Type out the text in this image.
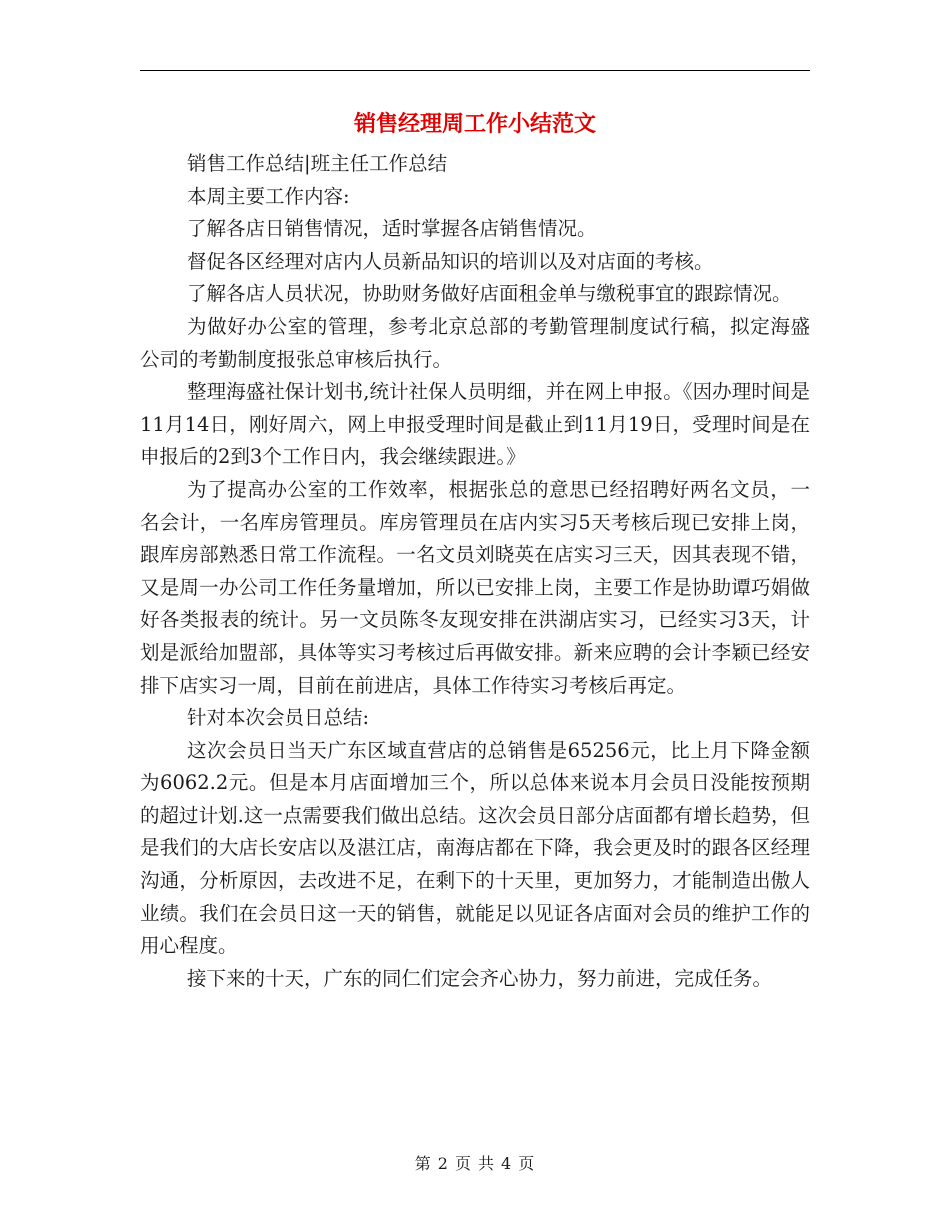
销售经理周工作小结范文

销售工作总结|班主任工作总结

本周主要工作内容:

了解各店日销售情况，适时掌握各店销售情况。

督促各区经理对店内人员新品知识的培训以及对店面的考核。

了解各店人员状况，协助财务做好店面租金单与缴税事宜的跟踪情况。

为做好办公室的管理，参考北京总部的考勤管理制度试行稿，拟定海盛公司的考勤制度报张总审核后执行。

整理海盛社保计划书,统计社保人员明细，并在网上申报。《因办理时间是11月14日，刚好周六，网上申报受理时间是截止到11月19日，受理时间是在申报后的2到3个工作日内，我会继续跟进。》

为了提高办公室的工作效率，根据张总的意思已经招聘好两名文员，一名会计，一名库房管理员。库房管理员在店内实习5天考核后现已安排上岗，跟库房部熟悉日常工作流程。一名文员刘晓英在店实习三天，因其表现不错，又是周一办公司工作任务量增加，所以已安排上岗，主要工作是协助谭巧娟做好各类报表的统计。另一文员陈冬友现安排在洪湖店实习，已经实习3天，计划是派给加盟部，具体等实习考核过后再做安排。新来应聘的会计李颖已经安排下店实习一周，目前在前进店，具体工作待实习考核后再定。

针对本次会员日总结:

这次会员日当天广东区域直营店的总销售是65256元，比上月下降金额为6062.2元。但是本月店面增加三个，所以总体来说本月会员日没能按预期的超过计划.这一点需要我们做出总结。这次会员日部分店面都有增长趋势，但是我们的大店长安店以及湛江店，南海店都在下降，我会更及时的跟各区经理沟通，分析原因，去改进不足，在剩下的十天里，更加努力，才能制造出傲人业绩。我们在会员日这一天的销售，就能足以见证各店面对会员的维护工作的用心程度。

接下来的十天，广东的同仁们定会齐心协力，努力前进，完成任务。

第 2 页 共 4 页
